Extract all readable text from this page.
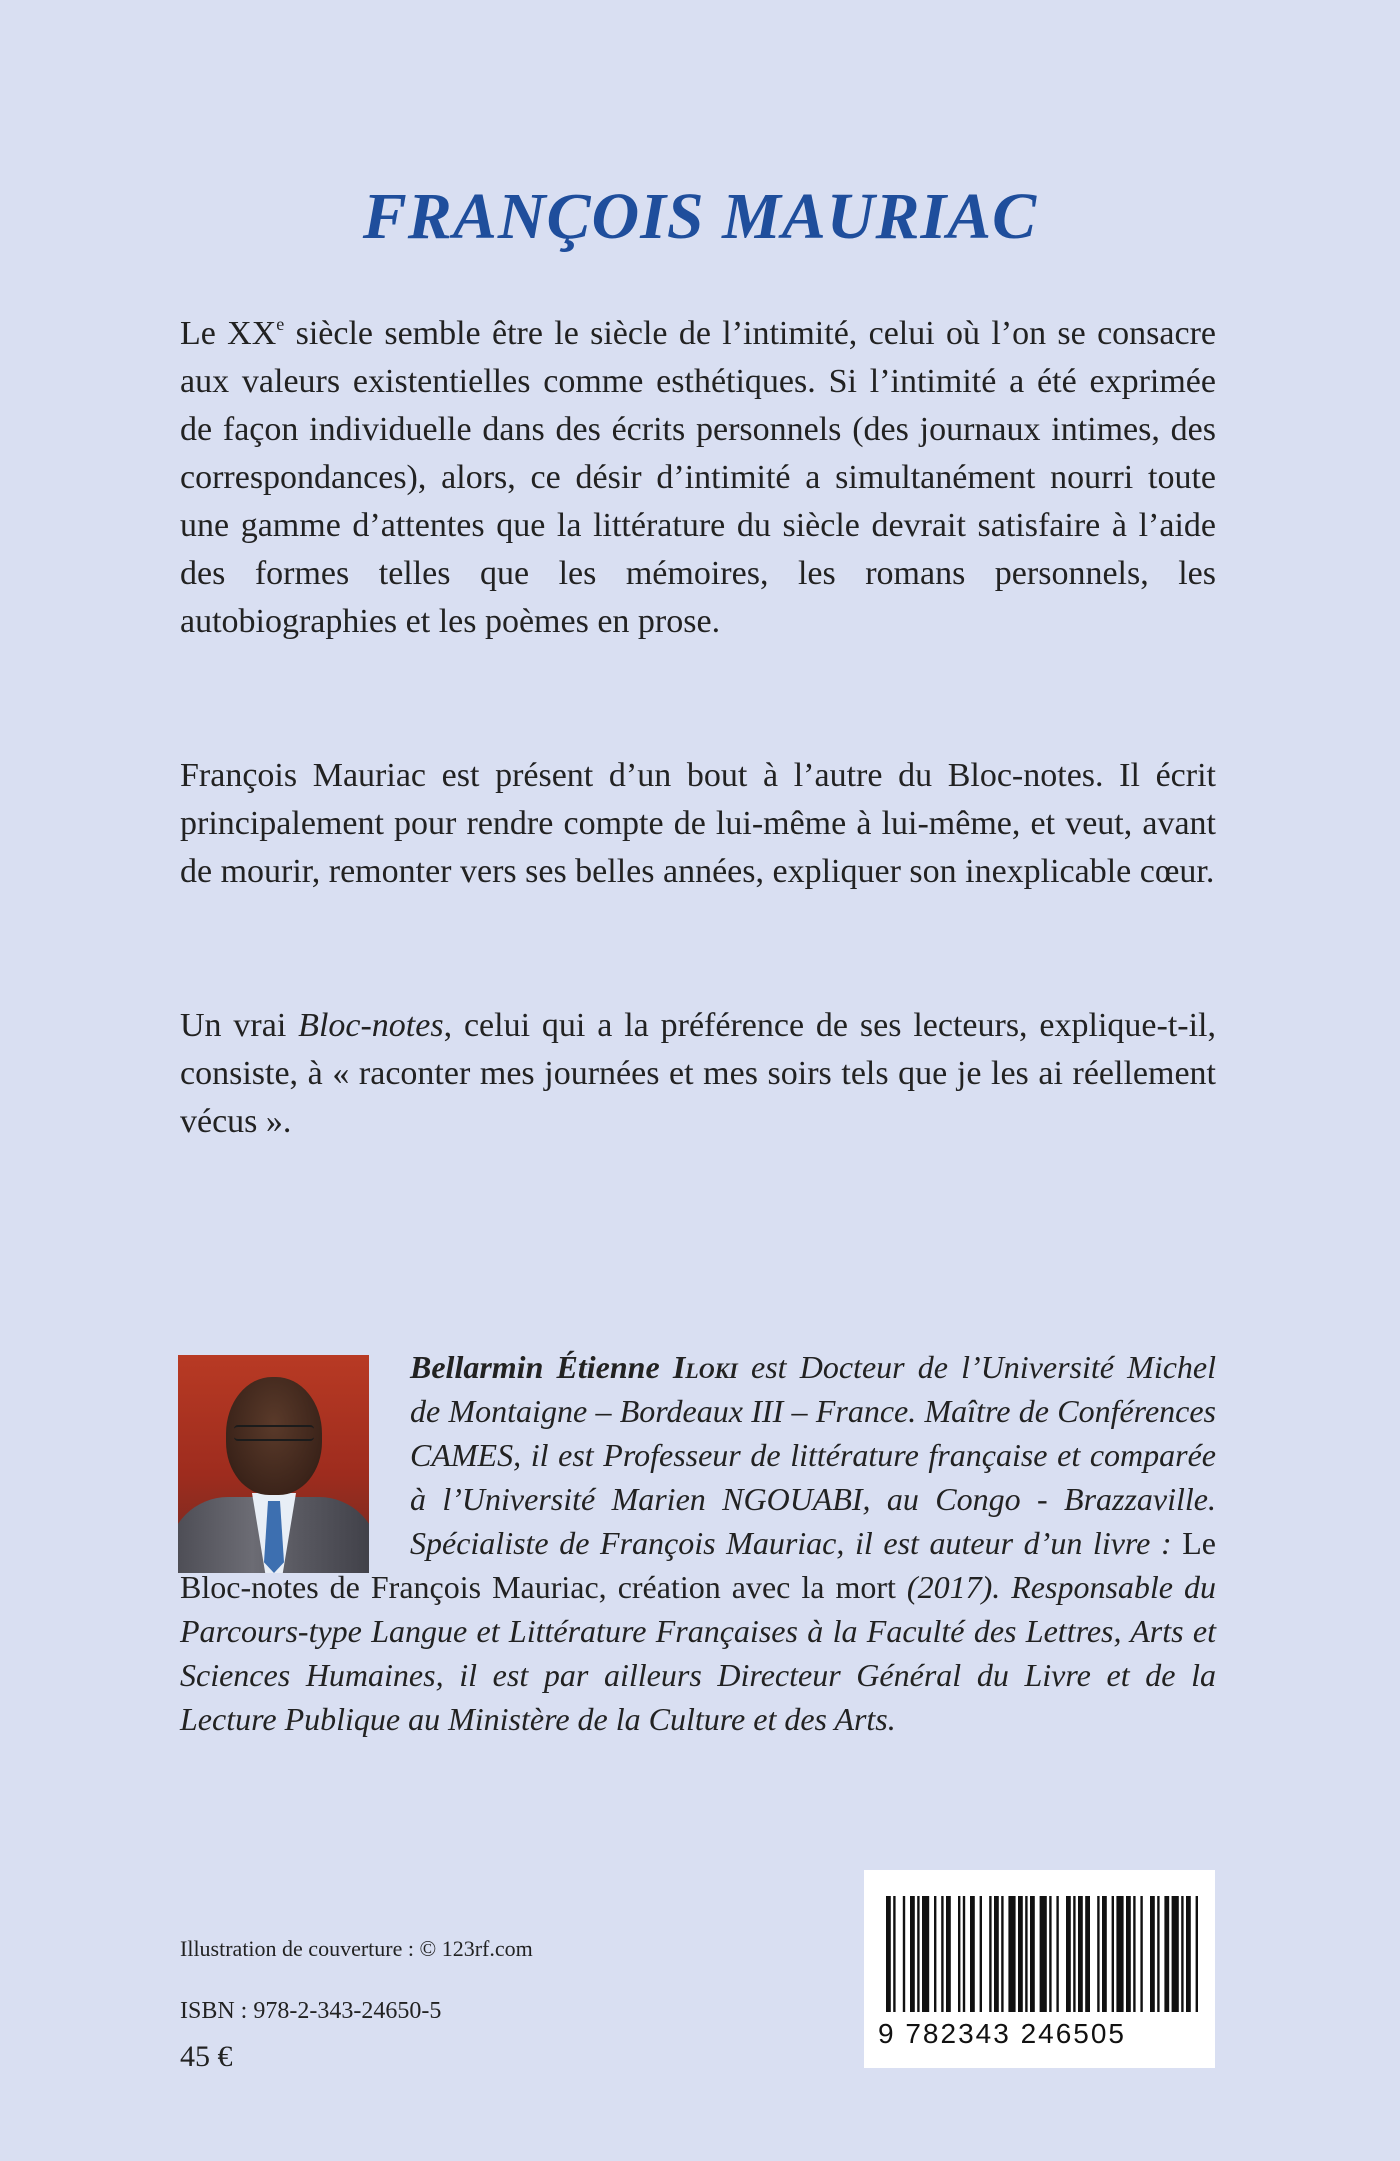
FRANÇOIS MAURIAC

Le XXe siècle semble être le siècle de l’intimité, celui où l’on se consacre aux valeurs existentielles comme esthétiques. Si l’intimité a été exprimée de façon individuelle dans des écrits personnels (des journaux intimes, des correspondances), alors, ce désir d’intimité a simultanément nourri toute une gamme d’attentes que la littérature du siècle devrait satisfaire à l’aide des formes telles que les mémoires, les romans personnels, les autobiographies et les poèmes en prose.

François Mauriac est présent d’un bout à l’autre du Bloc-notes. Il écrit principalement pour rendre compte de lui-même à lui-même, et veut, avant de mourir, remonter vers ses belles années, expliquer son inexplicable cœur.

Un vrai Bloc-notes, celui qui a la préférence de ses lecteurs, explique-t-il, consiste, à « raconter mes journées et mes soirs tels que je les ai réellement vécus ».

Bellarmin Étienne Iloki est Docteur de l’Université Michel de Montaigne – Bordeaux III – France. Maître de Conférences CAMES, il est Professeur de littérature française et comparée à l’Université Marien NGOUABI, au Congo - Brazzaville. Spécialiste de François Mauriac, il est auteur d’un livre : Le Bloc-notes de François Mauriac, création avec la mort (2017). Responsable du Parcours-type Langue et Littérature Françaises à la Faculté des Lettres, Arts et Sciences Humaines, il est par ailleurs Directeur Général du Livre et de la Lecture Publique au Ministère de la Culture et des Arts.
Illustration de couverture : © 123rf.com
ISBN : 978-2-343-24650-5
45 €
9 782343 246505
